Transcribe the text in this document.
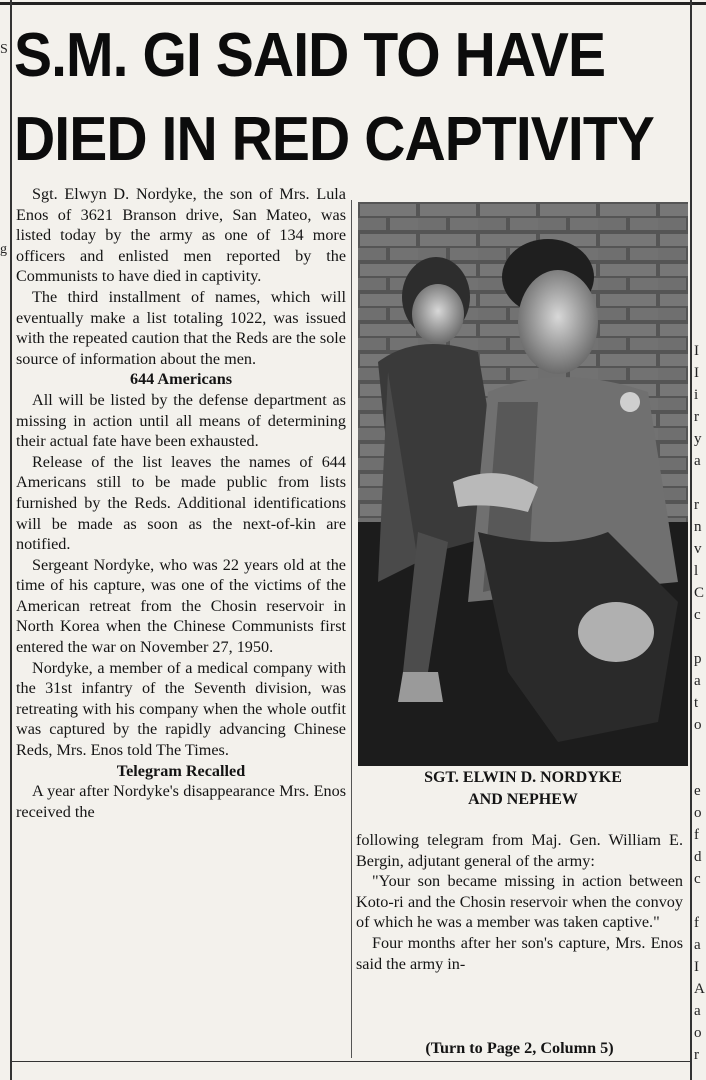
S
g
S.M. GI SAID TO HAVE
DIED IN RED CAPTIVITY

Sgt. Elwyn D. Nordyke, the son of Mrs. Lula Enos of 3621 Branson drive, San Mateo, was listed today by the army as one of 134 more officers and enlisted men reported by the Communists to have died in captivity.

The third installment of names, which will eventually make a list totaling 1022, was issued with the repeated caution that the Reds are the sole source of information about the men.

644 Americans

All will be listed by the defense department as missing in action until all means of determining their actual fate have been exhausted.

Release of the list leaves the names of 644 Americans still to be made public from lists furnished by the Reds. Additional identifications will be made as soon as the next-of-kin are notified.

Sergeant Nordyke, who was 22 years old at the time of his capture, was one of the victims of the American retreat from the Chosin reservoir in North Korea when the Chinese Communists first entered the war on November 27, 1950.

Nordyke, a member of a medical company with the 31st infantry of the Seventh division, was retreating with his company when the whole outfit was captured by the rapidly advancing Chinese Reds, Mrs. Enos told The Times.

Telegram Recalled

A year after Nordyke's disappearance Mrs. Enos received the

SGT. ELWIN D. NORDYKE
AND NEPHEW

following telegram from Maj. Gen. William E. Bergin, adjutant general of the army:

"Your son became missing in action between Koto-ri and the Chosin reservoir when the convoy of which he was a member was taken captive."

Four months after her son's capture, Mrs. Enos said the army in-

(Turn to Page 2, Column 5)
I
I
i
r
y
a
r
n
v
l
C
c
p
a
t
o
e
o
f
d
c
f
a
I
A
a
o
r
